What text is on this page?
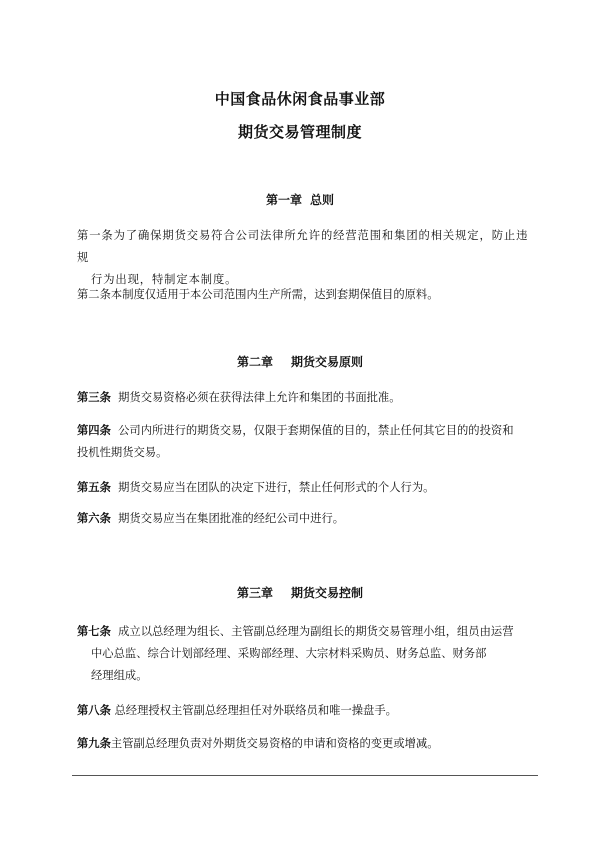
中国食品休闲食品事业部
期货交易管理制度
第一章 总则
第一条为了确保期货交易符合公司法律所允许的经营范围和集团的相关规定，防止违规
行为出现，特制定本制度。
第二条本制度仅适用于本公司范围内生产所需，达到套期保值目的原料。
第二章 期货交易原则
第三条 期货交易资格必须在获得法律上允许和集团的书面批准。
第四条 公司内所进行的期货交易，仅限于套期保值的目的，禁止任何其它目的的投资和
投机性期货交易。
第五条 期货交易应当在团队的决定下进行，禁止任何形式的个人行为。
第六条 期货交易应当在集团批准的经纪公司中进行。
第三章 期货交易控制
第七条 成立以总经理为组长、主管副总经理为副组长的期货交易管理小组，组员由运营
中心总监、综合计划部经理、采购部经理、大宗材料采购员、财务总监、财务部
经理组成。
第八条 总经理授权主管副总经理担任对外联络员和唯一操盘手。
第九条主管副总经理负责对外期货交易资格的申请和资格的变更或增减。
